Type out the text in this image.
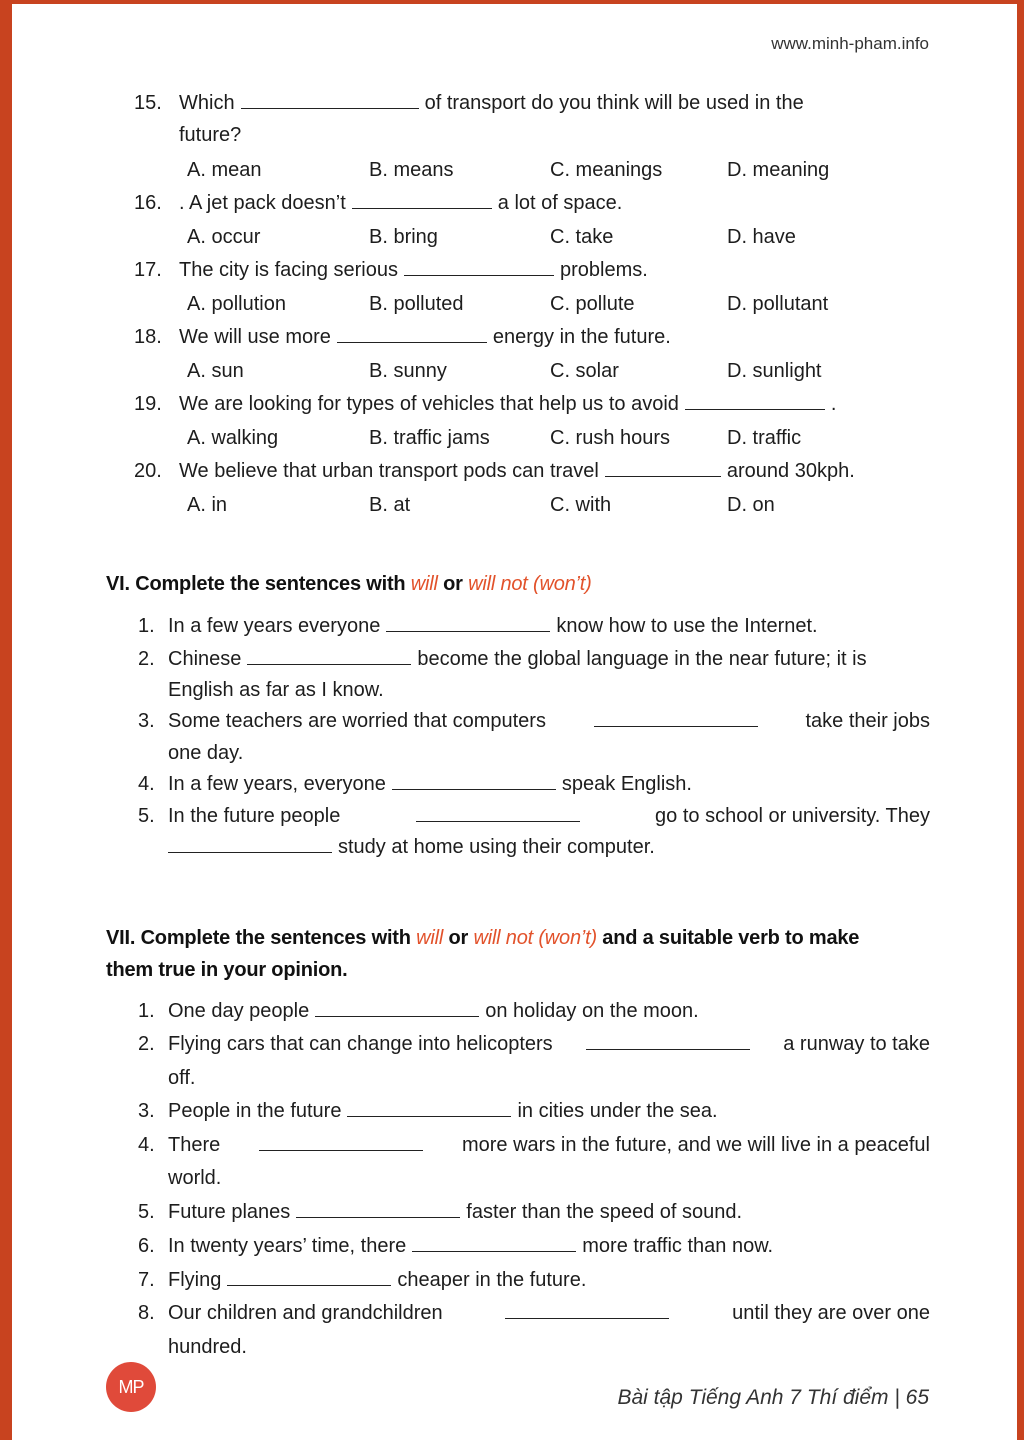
www.minh-pham.info
15. Which	of transport do you think will be used in the
future?
A. mean	B. means	C. meanings	D. meaning
16. . A jet pack doesn’t	a lot of space.
A. occur	B. bring	C. take	D. have
17. The city is facing serious	problems.
A. pollution	B. polluted	C. pollute	D. pollutant
18. We will use more	energy in the future.
A. sun	B. sunny	C. solar	D. sunlight
19. We are looking for types of vehicles that help us to avoid	.
A. walking	B. traffic jams	C. rush hours	D. traffic
20. We believe that urban transport pods can travel	around 30kph.
A. in	B. at	C. with	D. on
VI. Complete the sentences with will or will not (won’t)
1. In a few years everyone	know how to use the Internet.
2. Chinese	become the global language in the near future; it is
English as far as I know.
3. Some teachers are worried that computers	take their jobs
one day.
4. In a few years, everyone	speak English.
5. In the future people	go to school or university. They
study at home using their computer.
VII. Complete the sentences with will or will not (won’t) and a suitable verb to make
them true in your opinion.
1. One day people	on holiday on the moon.
2. Flying cars that can change into helicopters	a runway to take
off.
3. People in the future	in cities under the sea.
4. There	more wars in the future, and we will live in a peaceful
world.
5. Future planes	faster than the speed of sound.
6. In twenty years’ time, there	more traffic than now.
7. Flying	cheaper in the future.
8. Our children and grandchildren	until they are over one
hundred.
MP	Bài tập Tiếng Anh 7 Thí điểm | 65
